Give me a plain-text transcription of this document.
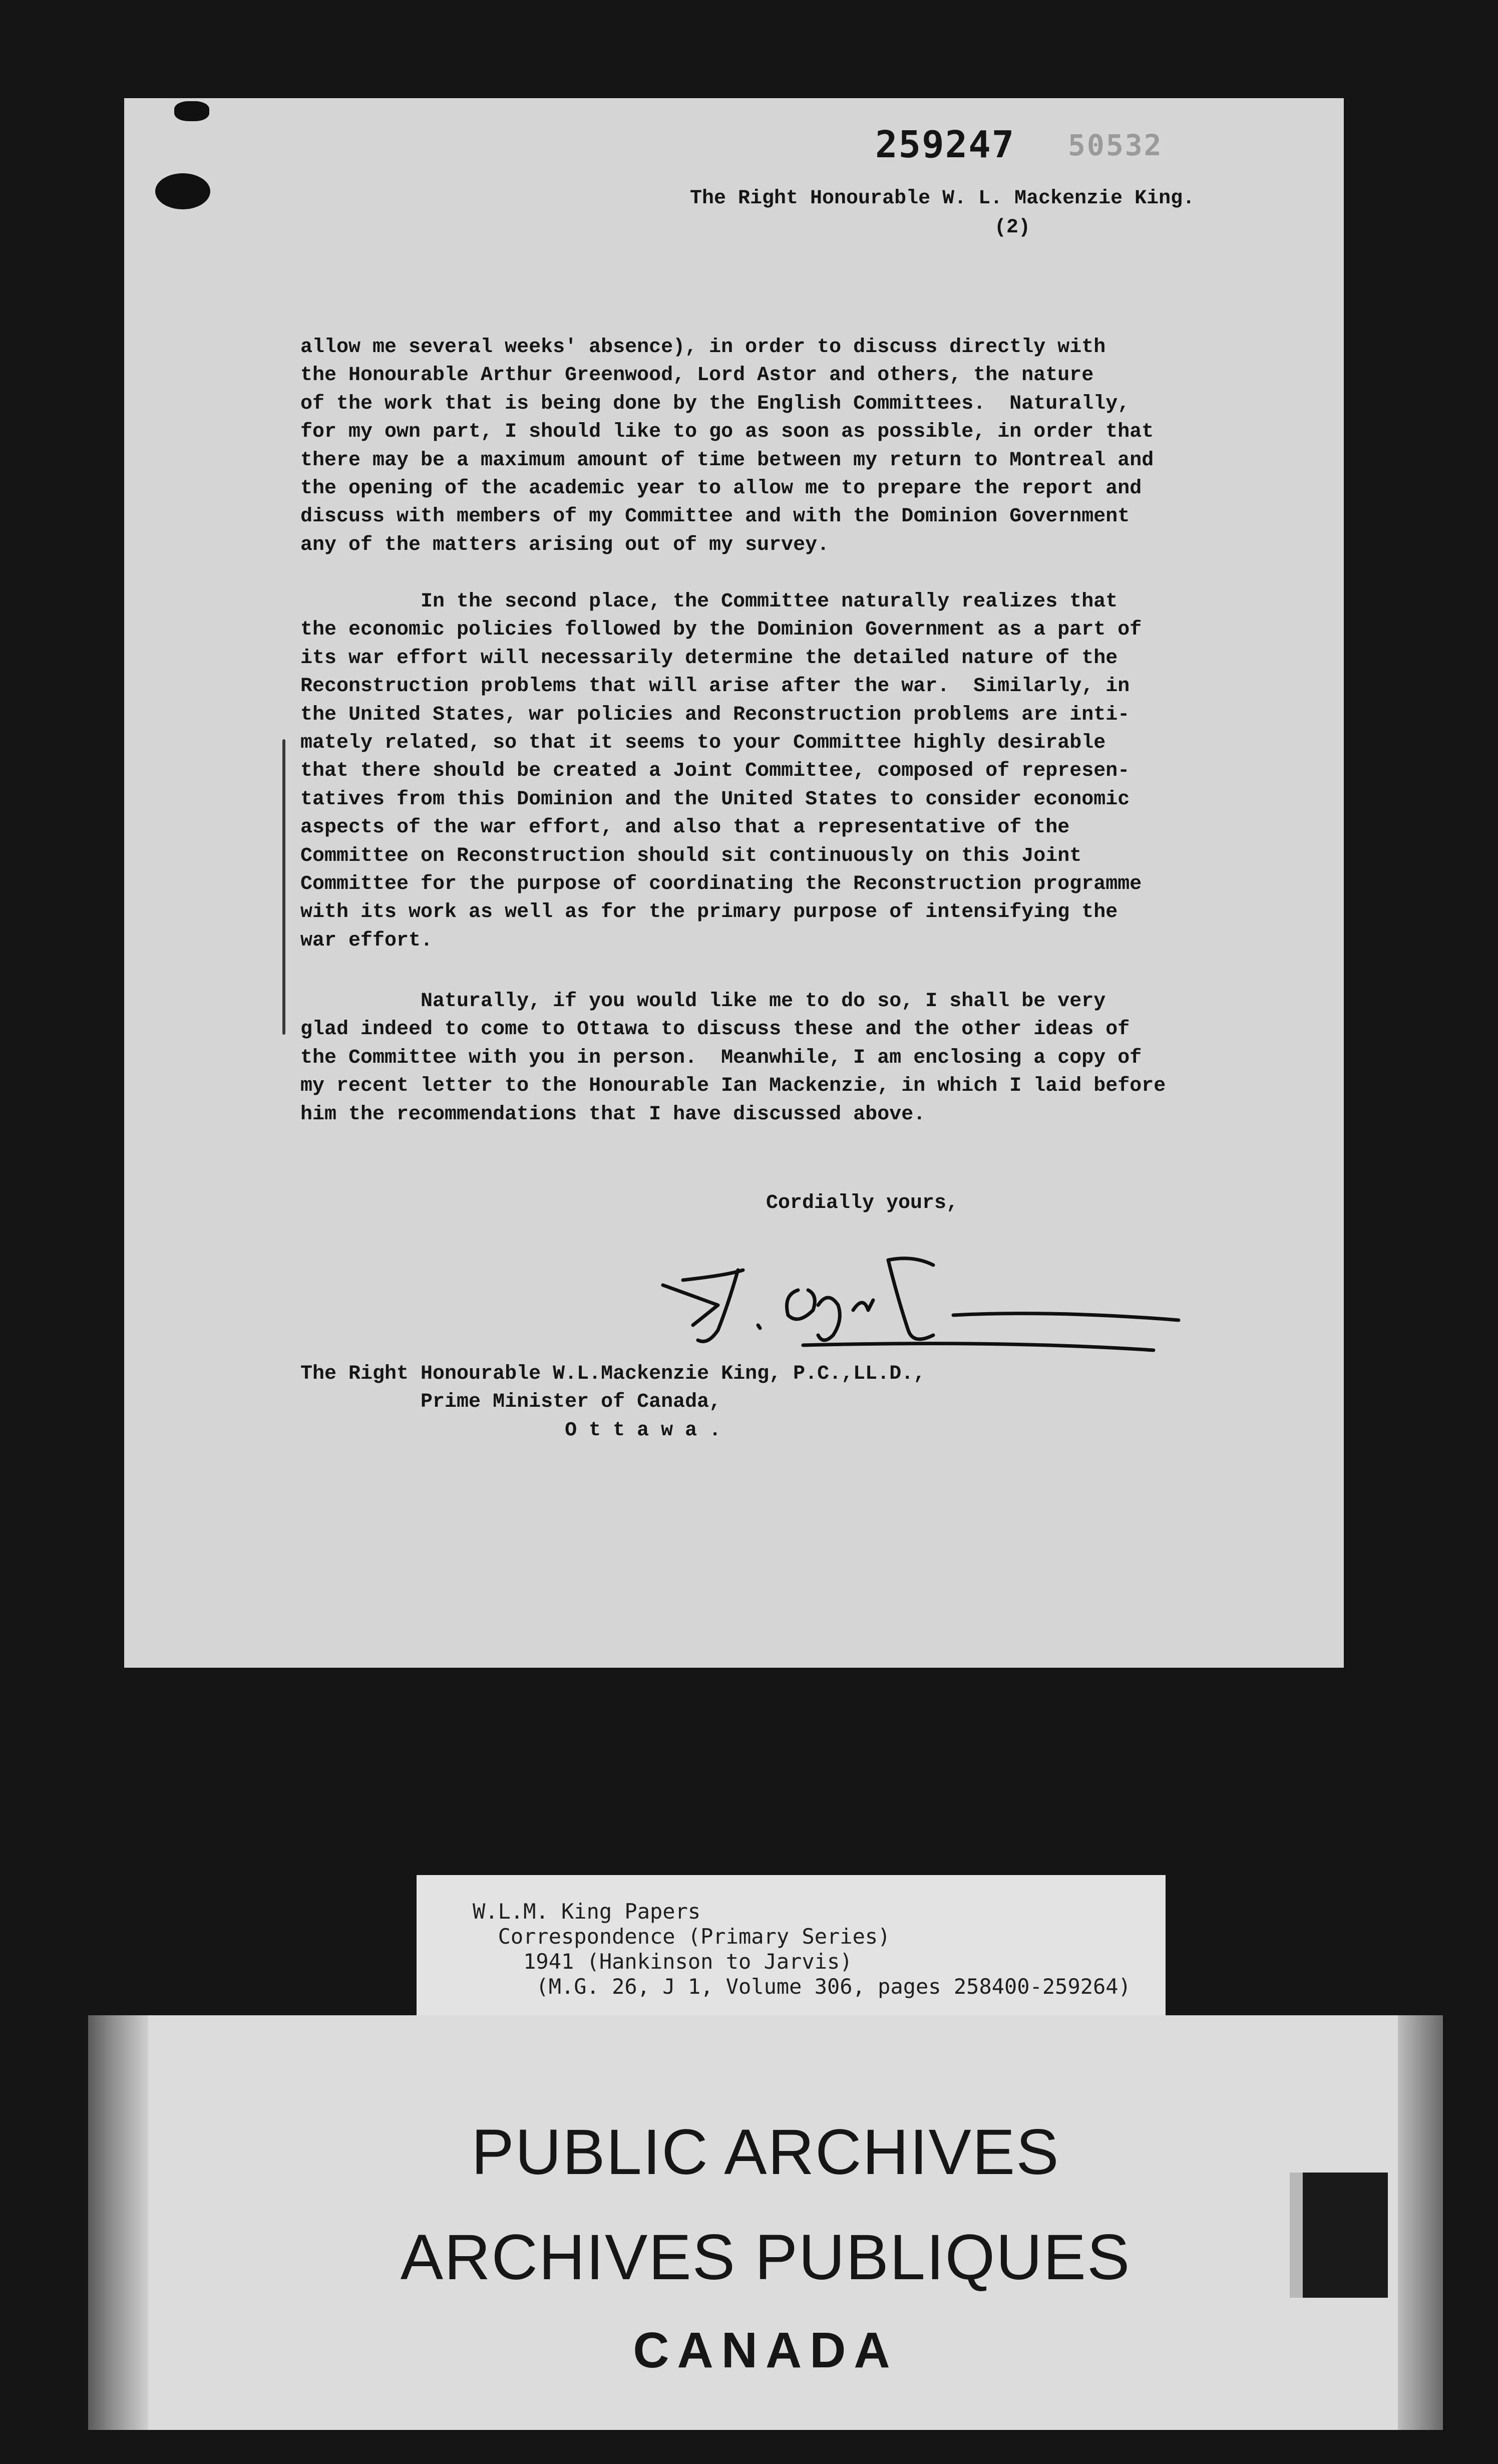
259247 50532
The Right Honourable W. L. Mackenzie King.
(2)
allow me several weeks' absence), in order to discuss directly with
the Honourable Arthur Greenwood, Lord Astor and others, the nature
of the work that is being done by the English Committees.  Naturally,
for my own part, I should like to go as soon as possible, in order that
there may be a maximum amount of time between my return to Montreal and
the opening of the academic year to allow me to prepare the report and
discuss with members of my Committee and with the Dominion Government
any of the matters arising out of my survey.
In the second place, the Committee naturally realizes that
the economic policies followed by the Dominion Government as a part of
its war effort will necessarily determine the detailed nature of the
Reconstruction problems that will arise after the war.  Similarly, in
the United States, war policies and Reconstruction problems are inti-
mately related, so that it seems to your Committee highly desirable
that there should be created a Joint Committee, composed of represen-
tatives from this Dominion and the United States to consider economic
aspects of the war effort, and also that a representative of the
Committee on Reconstruction should sit continuously on this Joint
Committee for the purpose of coordinating the Reconstruction programme
with its work as well as for the primary purpose of intensifying the
war effort.
Naturally, if you would like me to do so, I shall be very
glad indeed to come to Ottawa to discuss these and the other ideas of
the Committee with you in person.  Meanwhile, I am enclosing a copy of
my recent letter to the Honourable Ian Mackenzie, in which I laid before
him the recommendations that I have discussed above.
Cordially yours,
The Right Honourable W.L.Mackenzie King, P.C.,LL.D.,
Prime Minister of Canada,
O t t a w a .
W.L.M. King Papers
Correspondence (Primary Series)
1941 (Hankinson to Jarvis)
(M.G. 26, J 1, Volume 306, pages 258400-259264)
PUBLIC ARCHIVES
ARCHIVES PUBLIQUES
CANADA
